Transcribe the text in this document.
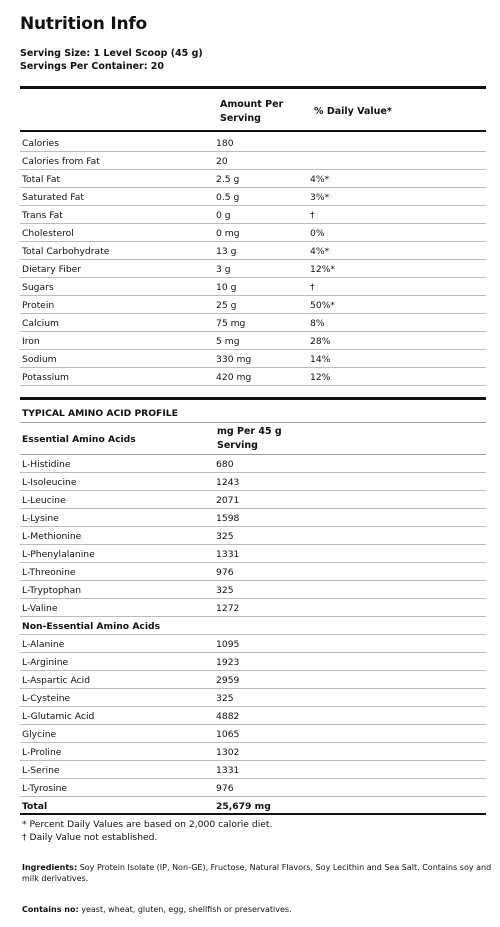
Nutrition Info
Serving Size: 1 Level Scoop (45 g)
Servings Per Container: 20
Amount Per
Serving
% Daily Value*
Calories	180
Calories from Fat	20
Total Fat	2.5 g	4%*
Saturated Fat	0.5 g	3%*
Trans Fat	0 g	†
Cholesterol	0 mg	0%
Total Carbohydrate	13 g	4%*
Dietary Fiber	3 g	12%*
Sugars	10 g	†
Protein	25 g	50%*
Calcium	75 mg	8%
Iron	5 mg	28%
Sodium	330 mg	14%
Potassium	420 mg	12%
TYPICAL AMINO ACID PROFILE
Essential Amino Acids
mg Per 45 g
Serving
L-Histidine	680
L-Isoleucine	1243
L-Leucine	2071
L-Lysine	1598
L-Methionine	325
L-Phenylalanine	1331
L-Threonine	976
L-Tryptophan	325
L-Valine	1272
Non-Essential Amino Acids
L-Alanine	1095
L-Arginine	1923
L-Aspartic Acid	2959
L-Cysteine	325
L-Glutamic Acid	4882
Glycine	1065
L-Proline	1302
L-Serine	1331
L-Tyrosine	976
Total	25,679 mg
* Percent Daily Values are based on 2,000 calorie diet.
† Daily Value not established.
Ingredients: Soy Protein Isolate (IP, Non-GE), Fructose, Natural Flavors, Soy Lecithin and Sea Salt. Contains soy and milk derivatives.
Contains no: yeast, wheat, gluten, egg, shellfish or preservatives.
